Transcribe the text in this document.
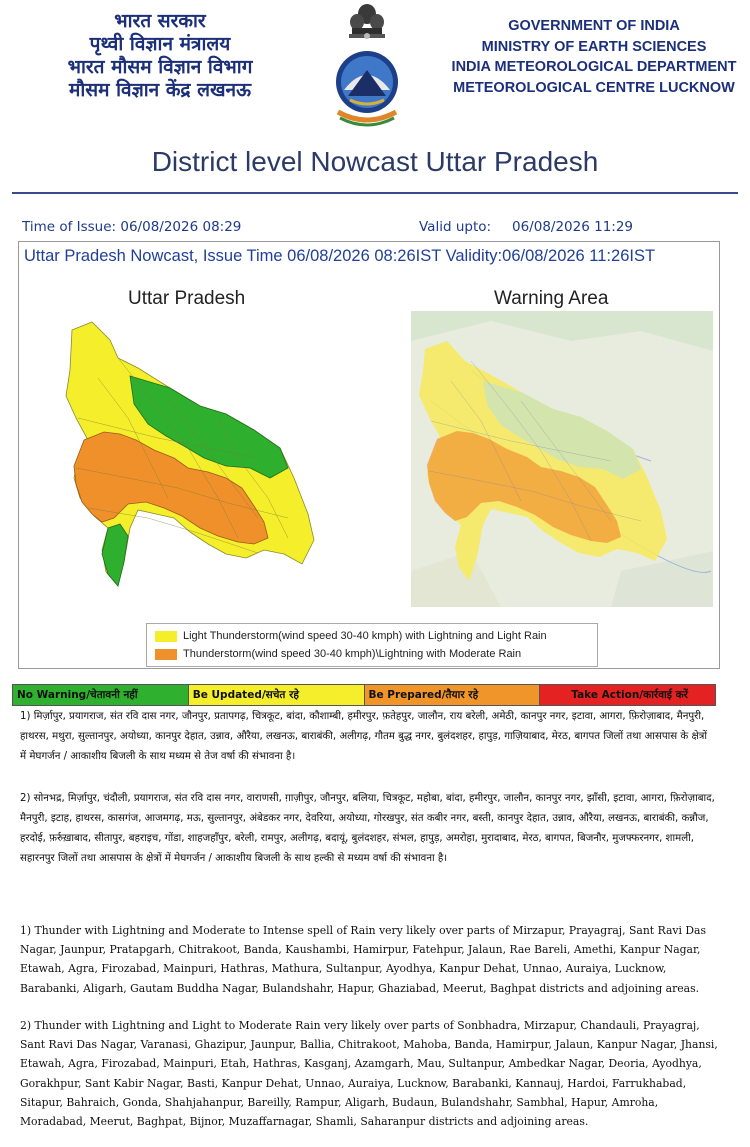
भारत सरकार
पृथ्वी विज्ञान मंत्रालय
भारत मौसम विज्ञान विभाग
मौसम विज्ञान केंद्र लखनऊ
GOVERNMENT OF INDIA
MINISTRY OF EARTH SCIENCES
INDIA METEOROLOGICAL DEPARTMENT
METEOROLOGICAL CENTRE LUCKNOW
District level Nowcast Uttar Pradesh
Time of Issue: 06/08/2026 08:29	Valid upto: 06/08/2026 11:29
Uttar Pradesh Nowcast, Issue Time 06/08/2026 08:26IST Validity:06/08/2026 11:26IST
Uttar Pradesh	Warning Area
Light Thunderstorm(wind speed 30-40 kmph) with Lightning and Light Rain
Thunderstorm(wind speed 30-40 kmph)\Lightning with Moderate Rain
No Warning/चेतावनी नहीं	Be Updated/सचेत रहे	Be Prepared/तैयार रहे	Take Action/कार्रवाई करें
1) मिर्ज़ापुर, प्रयागराज, संत रवि दास नगर, जौनपुर, प्रतापगढ़, चित्रकूट, बांदा, कौशाम्बी, हमीरपुर, फ़तेहपुर, जालौन, राय बरेली, अमेठी, कानपुर नगर, इटावा, आगरा, फ़िरोज़ाबाद, मैनपुरी, हाथरस, मथुरा, सुल्तानपुर, अयोध्या, कानपुर देहात, उन्नाव, औरैया, लखनऊ, बाराबंकी, अलीगढ़, गौतम बुद्ध नगर, बुलंदशहर, हापुड़, गाज़ियाबाद, मेरठ, बागपत जिलों तथा आसपास के क्षेत्रों में मेघगर्जन / आकाशीय बिजली के साथ मध्यम से तेज वर्षा की संभावना है।
2) सोनभद्र, मिर्ज़ापुर, चंदौली, प्रयागराज, संत रवि दास नगर, वाराणसी, ग़ाज़ीपुर, जौनपुर, बलिया, चित्रकूट, महोबा, बांदा, हमीरपुर, जालौन, कानपुर नगर, झाँसी, इटावा, आगरा, फ़िरोज़ाबाद, मैनपुरी, इटाह, हाथरस, कासगंज, आजमगढ़, मऊ, सुल्तानपुर, अंबेडकर नगर, देवरिया, अयोध्या, गोरखपुर, संत कबीर नगर, बस्ती, कानपुर देहात, उन्नाव, औरैया, लखनऊ, बाराबंकी, कन्नौज, हरदोई, फ़र्रुख़ाबाद, सीतापुर, बहराइच, गोंडा, शाहजहाँपुर, बरेली, रामपुर, अलीगढ़, बदायूं, बुलंदशहर, संभल, हापुड़, अमरोहा, मुरादाबाद, मेरठ, बागपत, बिजनौर, मुजफ्फरनगर, शामली, सहारनपुर जिलों तथा आसपास के क्षेत्रों में मेघगर्जन / आकाशीय बिजली के साथ हल्की से मध्यम वर्षा की संभावना है।
1) Thunder with Lightning and Moderate to Intense spell of Rain very likely over parts of Mirzapur, Prayagraj, Sant Ravi Das Nagar, Jaunpur, Pratapgarh, Chitrakoot, Banda, Kaushambi, Hamirpur, Fatehpur, Jalaun, Rae Bareli, Amethi, Kanpur Nagar, Etawah, Agra, Firozabad, Mainpuri, Hathras, Mathura, Sultanpur, Ayodhya, Kanpur Dehat, Unnao, Auraiya, Lucknow, Barabanki, Aligarh, Gautam Buddha Nagar, Bulandshahr, Hapur, Ghaziabad, Meerut, Baghpat districts and adjoining areas.
2) Thunder with Lightning and Light to Moderate Rain very likely over parts of Sonbhadra, Mirzapur, Chandauli, Prayagraj, Sant Ravi Das Nagar, Varanasi, Ghazipur, Jaunpur, Ballia, Chitrakoot, Mahoba, Banda, Hamirpur, Jalaun, Kanpur Nagar, Jhansi, Etawah, Agra, Firozabad, Mainpuri, Etah, Hathras, Kasganj, Azamgarh, Mau, Sultanpur, Ambedkar Nagar, Deoria, Ayodhya, Gorakhpur, Sant Kabir Nagar, Basti, Kanpur Dehat, Unnao, Auraiya, Lucknow, Barabanki, Kannauj, Hardoi, Farrukhabad, Sitapur, Bahraich, Gonda, Shahjahanpur, Bareilly, Rampur, Aligarh, Budaun, Bulandshahr, Sambhal, Hapur, Amroha, Moradabad, Meerut, Baghpat, Bijnor, Muzaffarnagar, Shamli, Saharanpur districts and adjoining areas.
